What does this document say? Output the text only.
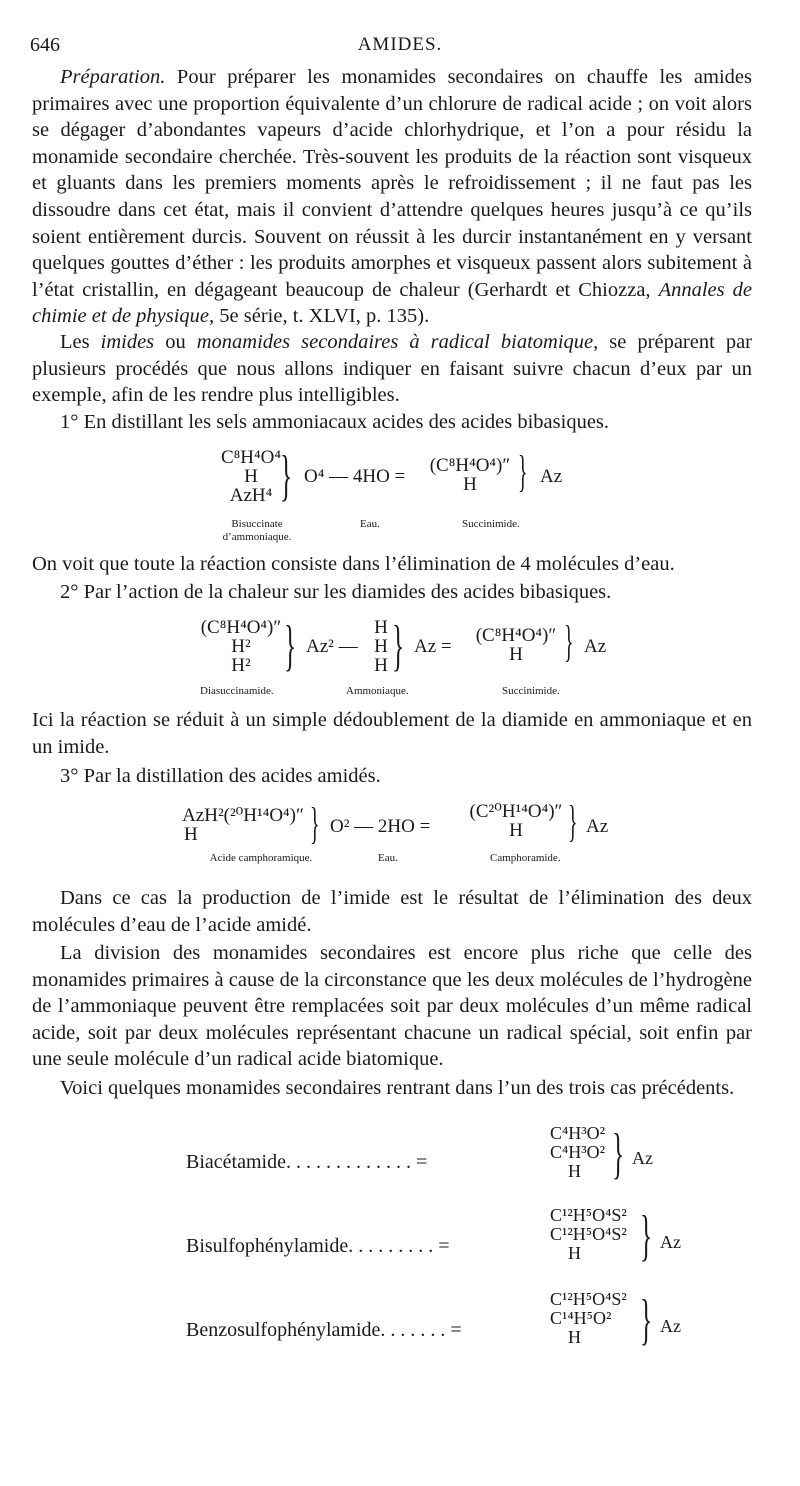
646	AMIDES.

Préparation. Pour préparer les monamides secondaires on chauffe les amides primaires avec une proportion équivalente d’un chlorure de radical acide ; on voit alors se dégager d’abondantes vapeurs d’acide chlorhydrique, et l’on a pour résidu la monamide secondaire cherchée. Très-souvent les produits de la réaction sont visqueux et gluants dans les premiers moments après le refroidissement ; il ne faut pas les dissoudre dans cet état, mais il convient d’attendre quelques heures jusqu’à ce qu’ils soient entièrement durcis. Souvent on réussit à les durcir instantanément en y versant quelques gouttes d’éther : les produits amorphes et visqueux passent alors subitement à l’état cristallin, en dégageant beaucoup de chaleur (Gerhardt et Chiozza, Annales de chimie et de physique, 5e série, t. XLVI, p. 135).

Les imides ou monamides secondaires à radical biatomique, se préparent par plusieurs procédés que nous allons indiquer en faisant suivre chacun d’eux par un exemple, afin de les rendre plus intelligibles.

1° En distillant les sels ammoniacaux acides des acides bibasiques.

C⁸H⁴O⁴
H
AzH⁴ } O⁴ — 4HO =
(C⁸H⁴O⁴)″
H } Az
Bisuccinate d’ammoniaque.
Eau.	Succinimide.

On voit que toute la réaction consiste dans l’élimination de 4 molécules d’eau.

2° Par l’action de la chaleur sur les diamides des acides bibasiques.

(C⁸H⁴O⁴)″
H²
H² } Az² —
H
H
H } Az =
(C⁸H⁴O⁴)″
H } Az
Diasuccinamide.	Ammoniaque.	Succinimide.

Ici la réaction se réduit à un simple dédoublement de la diamide en ammoniaque et en un imide.

3° Par la distillation des acides amidés.

AzH²(²⁰H¹⁴O⁴)″
H	} O² — 2HO =
(C²⁰H¹⁴O⁴)″
H	} Az
Acide camphoramique.	Eau.	Camphoramide.

Dans ce cas la production de l’imide est le résultat de l’élimination des deux molécules d’eau de l’acide amidé.

La division des monamides secondaires est encore plus riche que celle des monamides primaires à cause de la circonstance que les deux molécules de l’hydrogène de l’ammoniaque peuvent être remplacées soit par deux molécules d’un même radical acide, soit par deux molécules représentant chacune un radical spécial, soit enfin par une seule molécule d’un radical acide biatomique.

Voici quelques monamides secondaires rentrant dans l’un des trois cas précédents.

Biacétamide. . . . . . . . . . . . . =
C⁴H³O²
C⁴H³O²
H } Az
Bisulfophénylamide. . . . . . . . . =
C¹²H⁵O⁴S²
C¹²H⁵O⁴S²
H	} Az
Benzosulfophénylamide. . . . . . . =
C¹²H⁵O⁴S²
C¹⁴H⁵O²
H	} Az
